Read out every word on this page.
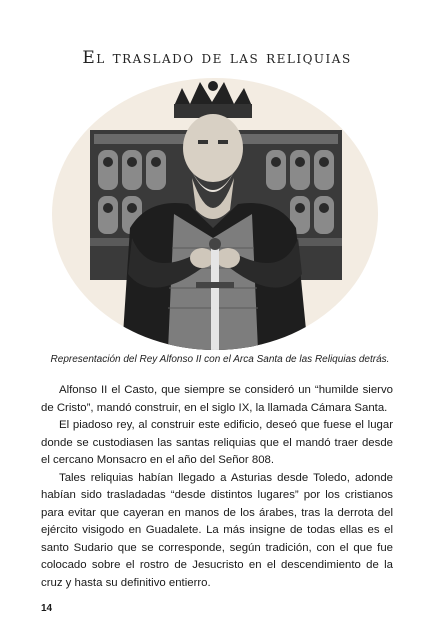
El traslado de las reliquias
Representación del Rey Alfonso II con el Arca Santa de las Reliquias detrás.

Alfonso II el Casto, que siempre se consideró un “humilde siervo de Cristo”, mandó construir, en el siglo IX, la llamada Cámara Santa.

El piadoso rey, al construir este edificio, deseó que fuese el lugar donde se custodiasen las santas reliquias que el mandó traer desde el cercano Monsacro en el año del Señor 808.

Tales reliquias habían llegado a Asturias desde Toledo, adonde habían sido trasladadas “desde distintos lugares” por los cristianos para evitar que cayeran en manos de los árabes, tras la derrota del ejército visigodo en Guadalete. La más insigne de todas ellas es el santo Sudario que se corresponde, según tradición, con el que fue colocado sobre el rostro de Jesucristo en el descendimiento de la cruz y hasta su definitivo entierro.

14
